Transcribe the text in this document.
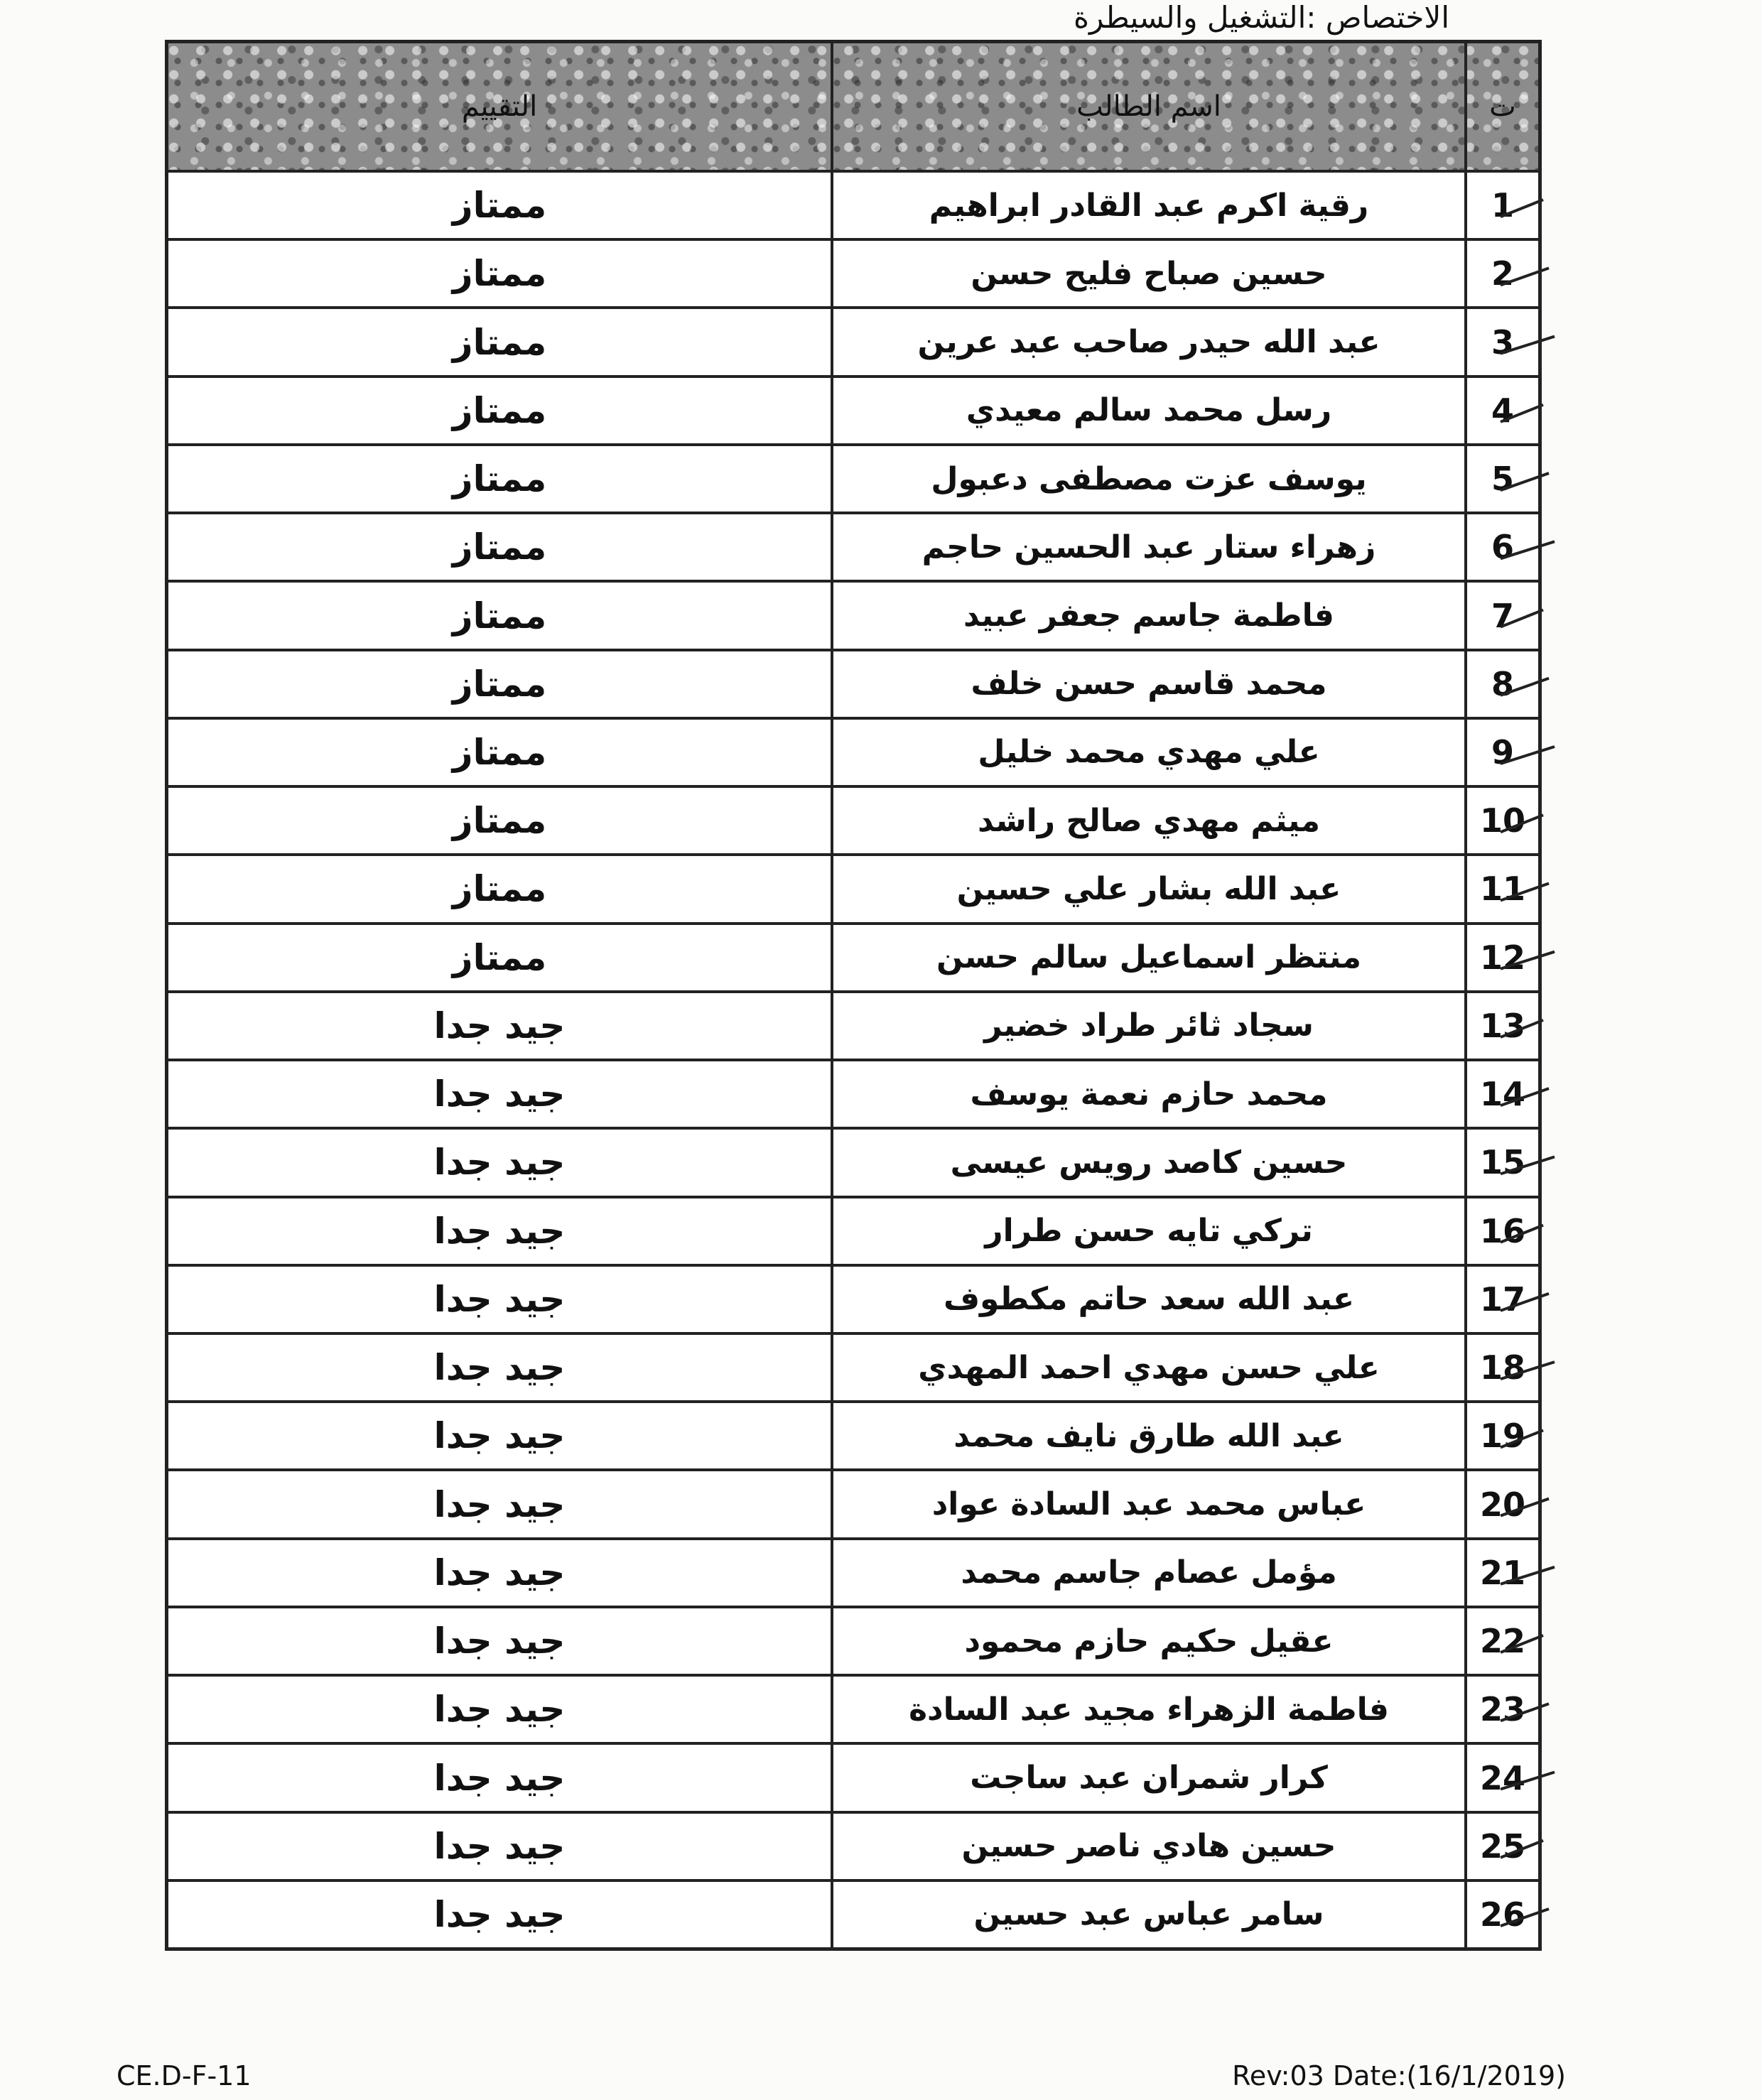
الاختصاص :التشغيل والسيطرة
ت
اسم الطالب
التقييم
1
رقية اكرم عبد القادر ابراهيم
ممتاز
2
حسين صباح فليح حسن
ممتاز
3
عبد الله حيدر صاحب عبد عرين
ممتاز
4
رسل محمد سالم معيدي
ممتاز
5
يوسف عزت مصطفى دعبول
ممتاز
6
زهراء ستار عبد الحسين حاجم
ممتاز
7
فاطمة جاسم جعفر عبيد
ممتاز
8
محمد قاسم حسن خلف
ممتاز
9
علي مهدي محمد خليل
ممتاز
10
ميثم مهدي صالح راشد
ممتاز
11
عبد الله بشار علي حسين
ممتاز
12
منتظر اسماعيل سالم حسن
ممتاز
13
سجاد ثائر طراد خضير
جيد جدا
14
محمد حازم نعمة يوسف
جيد جدا
15
حسين كاصد رويس عيسى
جيد جدا
16
تركي تايه حسن طرار
جيد جدا
17
عبد الله سعد حاتم مكطوف
جيد جدا
18
علي حسن مهدي احمد المهدي
جيد جدا
19
عبد الله طارق نايف محمد
جيد جدا
20
عباس محمد عبد السادة عواد
جيد جدا
21
مؤمل عصام جاسم محمد
جيد جدا
22
عقيل حكيم حازم محمود
جيد جدا
23
فاطمة الزهراء مجيد عبد السادة
جيد جدا
24
كرار شمران عبد ساجت
جيد جدا
25
حسين هادي ناصر حسين
جيد جدا
26
سامر عباس عبد حسين
جيد جدا
CE.D-F-11	Rev:03 Date:(16/1/2019)
